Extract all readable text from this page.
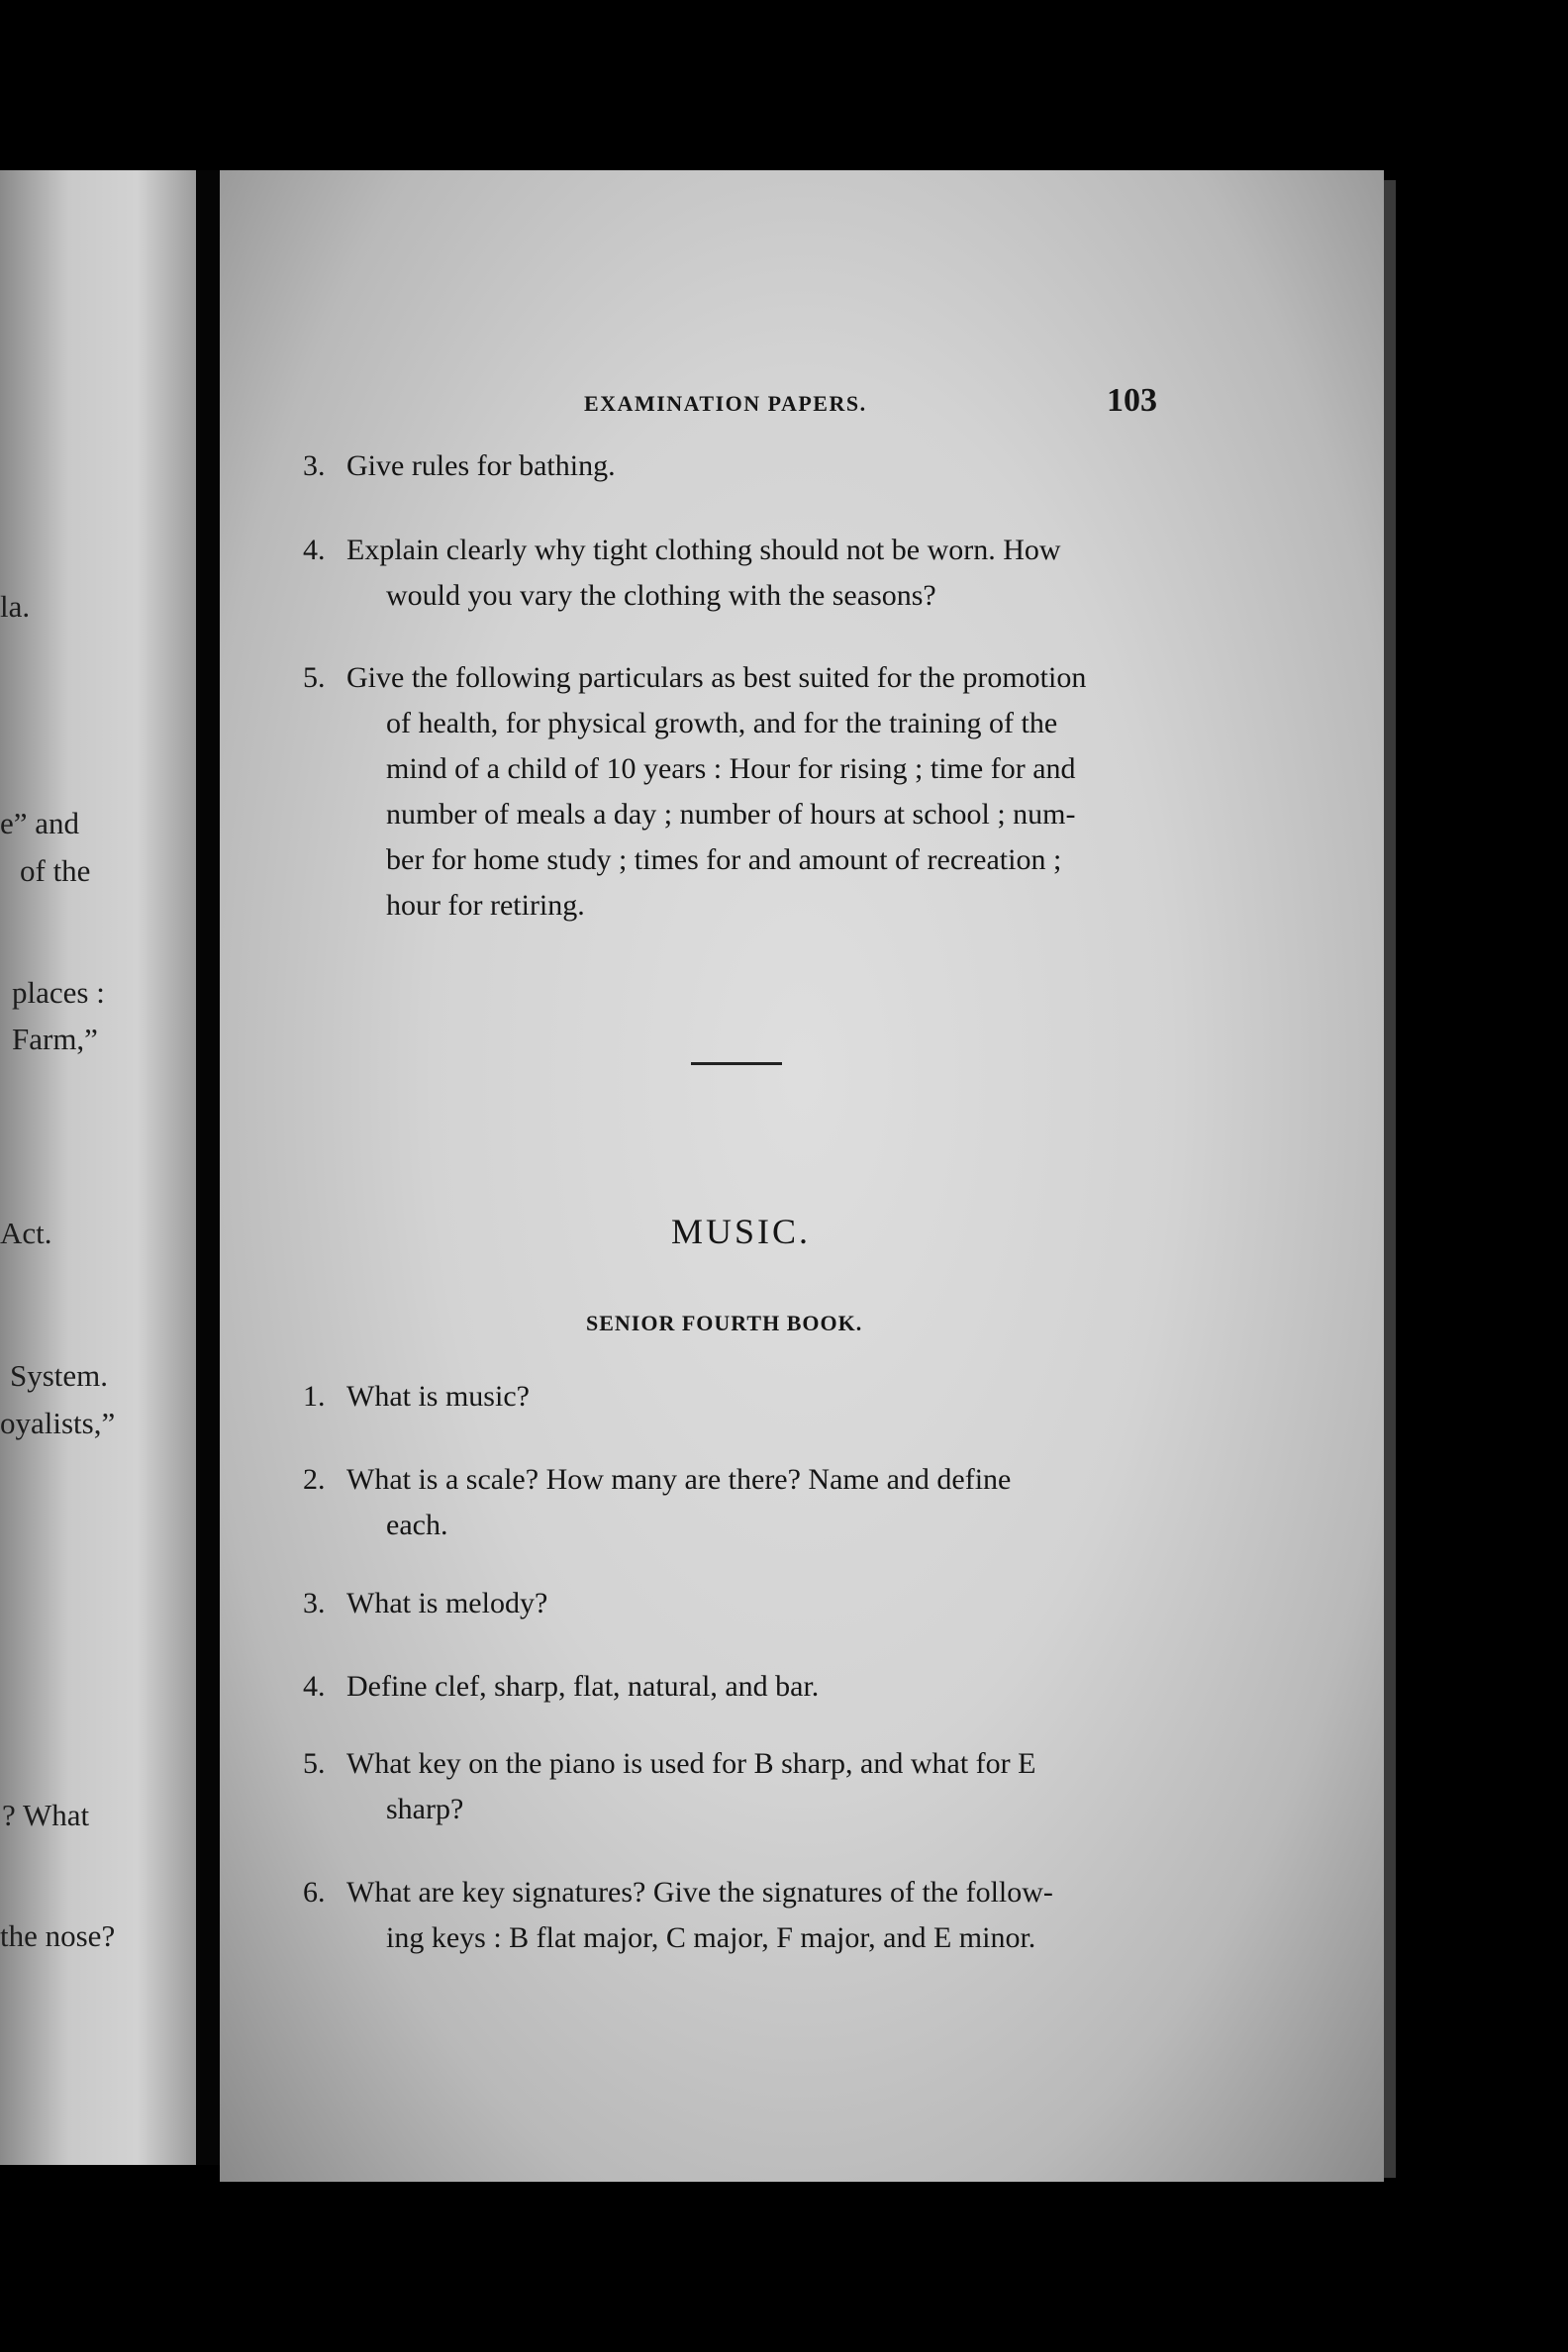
la.
e” and
of the
places :
Farm,”
Act.
System.
oyalists,”
? What
the nose?
EXAMINATION PAPERS.	103
3. Give rules for bathing.
4. Explain clearly why tight clothing should not be worn. How
would you vary the clothing with the seasons?
5. Give the following particulars as best suited for the promotion
of health, for physical growth, and for the training of the
mind of a child of 10 years : Hour for rising ; time for and
number of meals a day ; number of hours at school ; num-
ber for home study ; times for and amount of recreation ;
hour for retiring.
MUSIC.
SENIOR FOURTH BOOK.
1. What is music?
2. What is a scale? How many are there? Name and define
each.
3. What is melody?
4. Define clef, sharp, flat, natural, and bar.
5. What key on the piano is used for B sharp, and what for E
sharp?
6. What are key signatures? Give the signatures of the follow-
ing keys : B flat major, C major, F major, and E minor.
